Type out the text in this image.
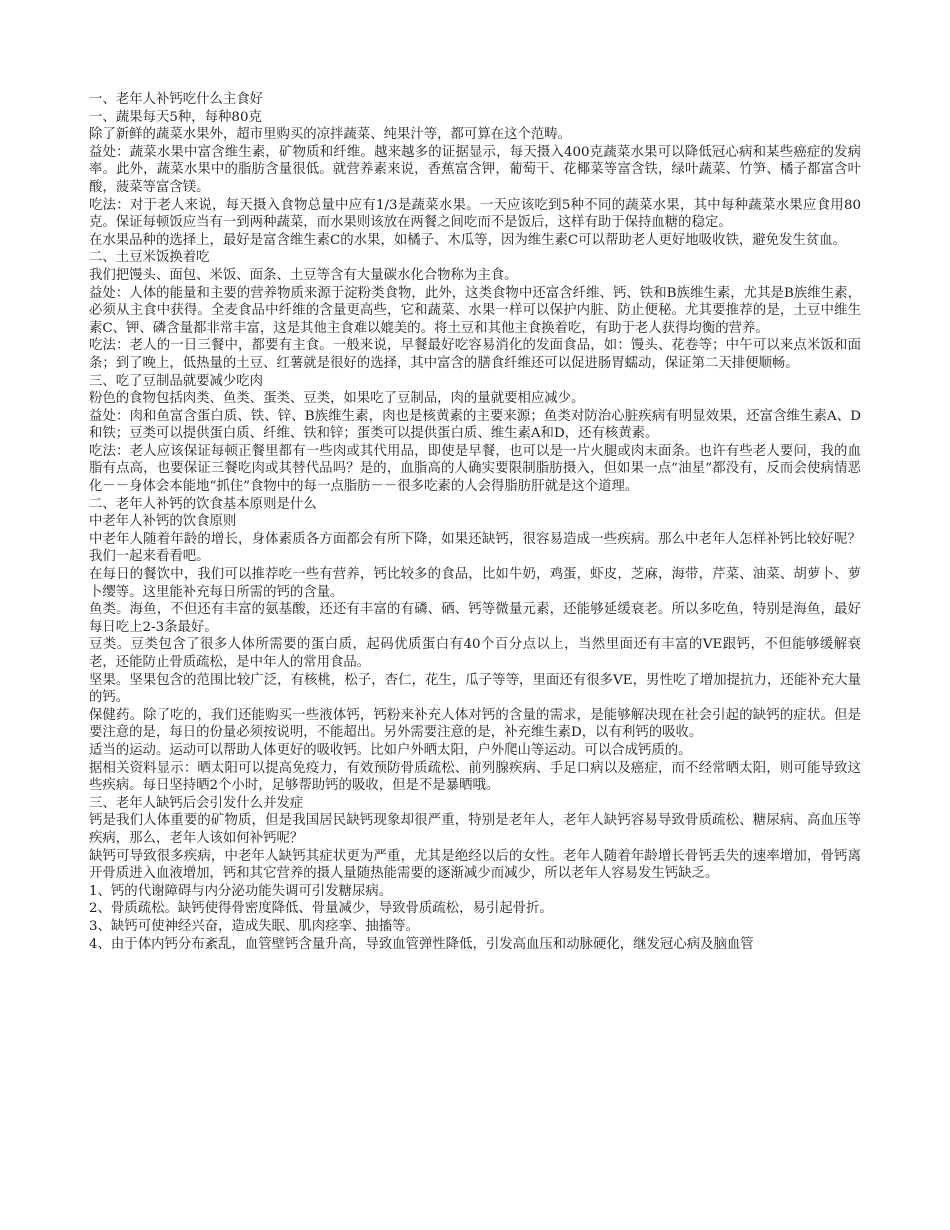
一、老年人补钙吃什么主食好

一、蔬果每天5种，每种80克

除了新鲜的蔬菜水果外，超市里购买的凉拌蔬菜、纯果汁等，都可算在这个范畴。

益处：蔬菜水果中富含维生素，矿物质和纤维。越来越多的证据显示，每天摄入400克蔬菜水果可以降低冠心病和某些癌症的发病率。此外，蔬菜水果中的脂肪含量很低。就营养素来说，香蕉富含钾，葡萄干、花椰菜等富含铁，绿叶蔬菜、竹笋、橘子都富含叶酸，菠菜等富含镁。

吃法：对于老人来说，每天摄入食物总量中应有1/3是蔬菜水果。一天应该吃到5种不同的蔬菜水果，其中每种蔬菜水果应食用80克。保证每顿饭应当有一到两种蔬菜，而水果则该放在两餐之间吃而不是饭后，这样有助于保持血糖的稳定。

在水果品种的选择上，最好是富含维生素C的水果，如橘子、木瓜等，因为维生素C可以帮助老人更好地吸收铁，避免发生贫血。

二、土豆米饭换着吃

我们把馒头、面包、米饭、面条、土豆等含有大量碳水化合物称为主食。

益处：人体的能量和主要的营养物质来源于淀粉类食物，此外，这类食物中还富含纤维、钙、铁和B族维生素，尤其是B族维生素，必须从主食中获得。全麦食品中纤维的含量更高些，它和蔬菜、水果一样可以保护内脏、防止便秘。尤其要推荐的是，土豆中维生素C、钾、磷含量都非常丰富，这是其他主食难以媲美的。将土豆和其他主食换着吃，有助于老人获得均衡的营养。

吃法：老人的一日三餐中，都要有主食。一般来说，早餐最好吃容易消化的发面食品，如：馒头、花卷等；中午可以来点米饭和面条；到了晚上，低热量的土豆、红薯就是很好的选择，其中富含的膳食纤维还可以促进肠胃蠕动，保证第二天排便顺畅。

三、吃了豆制品就要减少吃肉

粉色的食物包括肉类、鱼类、蛋类、豆类，如果吃了豆制品，肉的量就要相应减少。

益处：肉和鱼富含蛋白质、铁、锌、B族维生素，肉也是核黄素的主要来源；鱼类对防治心脏疾病有明显效果，还富含维生素A、D和铁；豆类可以提供蛋白质、纤维、铁和锌；蛋类可以提供蛋白质、维生素A和D，还有核黄素。

吃法：老人应该保证每顿正餐里都有一些肉或其代用品，即使是早餐，也可以是一片火腿或肉末面条。也许有些老人要问，我的血脂有点高，也要保证三餐吃肉或其替代品吗？是的，血脂高的人确实要限制脂肪摄入，但如果一点“油星”都没有，反而会使病情恶化－－身体会本能地“抓住”食物中的每一点脂肪－－很多吃素的人会得脂肪肝就是这个道理。

二、老年人补钙的饮食基本原则是什么

中老年人补钙的饮食原则

中老年人随着年龄的增长，身体素质各方面都会有所下降，如果还缺钙，很容易造成一些疾病。那么中老年人怎样补钙比较好呢？我们一起来看看吧。

在每日的餐饮中，我们可以推荐吃一些有营养，钙比较多的食品，比如牛奶，鸡蛋，虾皮，芝麻，海带，芹菜、油菜、胡萝卜、萝卜缨等。这里能补充每日所需的钙的含量。

鱼类。海鱼，不但还有丰富的氨基酸，还还有丰富的有磷、硒、钙等微量元素，还能够延缓衰老。所以多吃鱼，特别是海鱼，最好每日吃上2-3条最好。

豆类。豆类包含了很多人体所需要的蛋白质，起码优质蛋白有40个百分点以上，当然里面还有丰富的VE跟钙，不但能够缓解衰老，还能防止骨质疏松，是中年人的常用食品。

坚果。坚果包含的范围比较广泛，有核桃，松子，杏仁，花生，瓜子等等，里面还有很多VE，男性吃了增加提抗力，还能补充大量的钙。

保健药。除了吃的，我们还能购买一些液体钙，钙粉来补充人体对钙的含量的需求，是能够解决现在社会引起的缺钙的症状。但是要注意的是，每日的份量必须按说明，不能超出。另外需要注意的是，补充维生素D，以有利钙的吸收。

适当的运动。运动可以帮助人体更好的吸收钙。比如户外晒太阳，户外爬山等运动。可以合成钙质的。

据相关资料显示：晒太阳可以提高免疫力，有效预防骨质疏松、前列腺疾病、手足口病以及癌症，而不经常晒太阳，则可能导致这些疾病。每日坚持晒2个小时，足够帮助钙的吸收，但是不是暴晒哦。

三、老年人缺钙后会引发什么并发症

钙是我们人体重要的矿物质，但是我国居民缺钙现象却很严重，特别是老年人，老年人缺钙容易导致骨质疏松、糖尿病、高血压等疾病，那么，老年人该如何补钙呢？

缺钙可导致很多疾病，中老年人缺钙其症状更为严重，尤其是绝经以后的女性。老年人随着年龄增长骨钙丢失的速率增加，骨钙离开骨质进入血液增加，钙和其它营养的摄人量随热能需要的逐渐减少而减少，所以老年人容易发生钙缺乏。

1、钙的代谢障碍与内分泌功能失调可引发糖尿病。

2、骨质疏松。缺钙使得骨密度降低、骨量减少，导致骨质疏松，易引起骨折。

3、缺钙可使神经兴奋，造成失眠、肌肉痉挛、抽搐等。

4、由于体内钙分布紊乱，血管壁钙含量升高，导致血管弹性降低，引发高血压和动脉硬化，继发冠心病及脑血管
